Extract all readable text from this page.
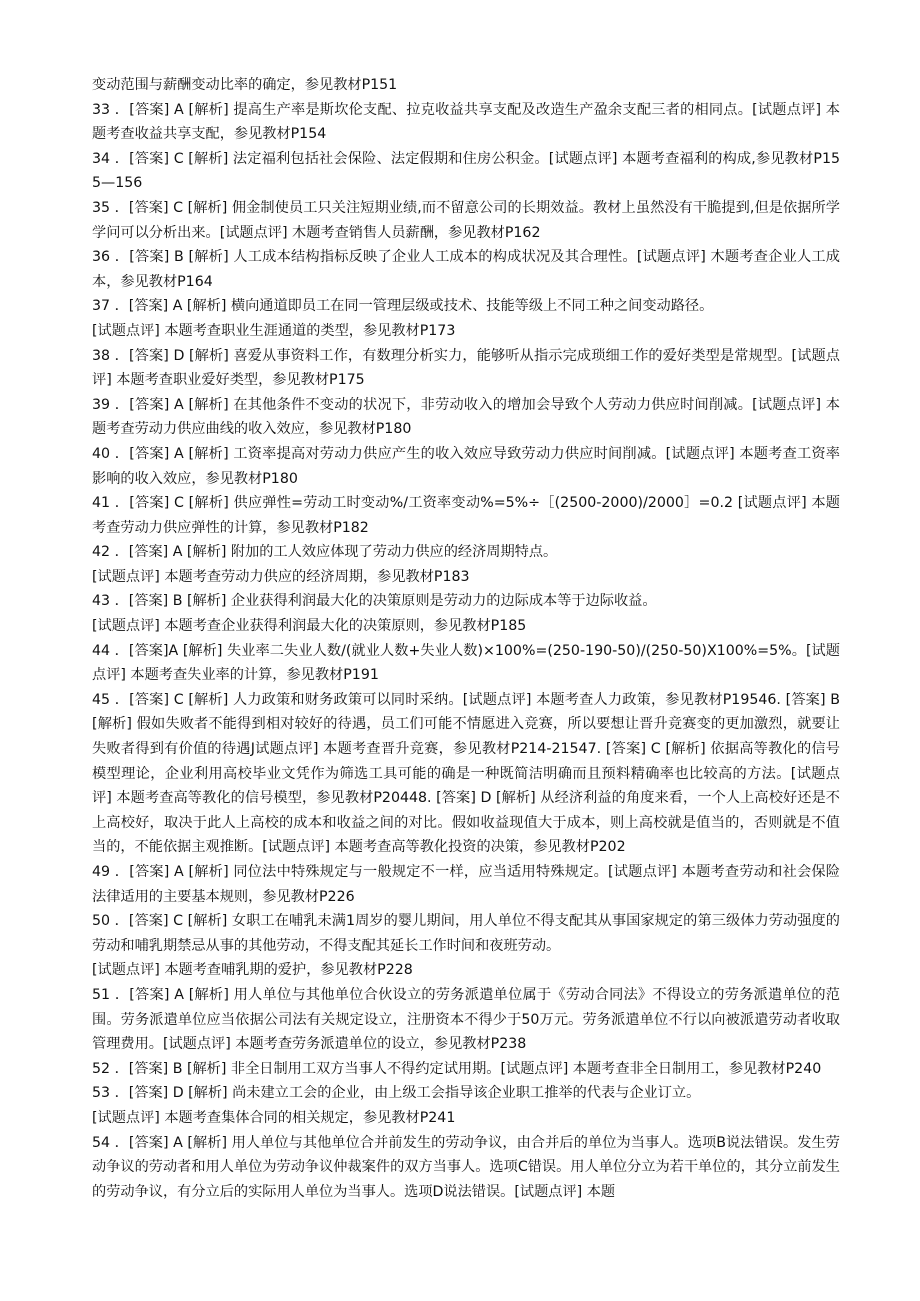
变动范围与薪酬变动比率的确定，参见教材P151

33 ．[答案] A [解析] 提高生产率是斯坎伦支配、拉克收益共享支配及改造生产盈余支配三者的相同点。[试题点评] 本题考查收益共享支配，参见教材P154

34 ．[答案] C [解析] 法定福利包括社会保险、法定假期和住房公积金。[试题点评] 本题考查福利的构成,参见教材P155—156

35 ．[答案] C [解析] 佣金制使员工只关注短期业绩,而不留意公司的长期效益。教材上虽然没有干脆提到,但是依据所学学问可以分析出来。[试题点评] 木题考查销售人员薪酬，参见教材P162

36 ．[答案] B [解析] 人工成本结构指标反映了企业人工成本的构成状况及其合理性。[试题点评] 木题考查企业人工成本，参见教材P164

37 ．[答案] A [解析] 横向通道即员工在同一管理层级或技术、技能等级上不同工种之间变动路径。

[试题点评] 本题考查职业生涯通道的类型，参见教材P173

38 ．[答案] D [解析] 喜爱从事资料工作，有数理分析实力，能够听从指示完成琐细工作的爱好类型是常规型。[试题点评] 本题考查职业爱好类型，参见教材P175

39 ．[答案] A [解析] 在其他条件不变动的状况下，非劳动收入的增加会导致个人劳动力供应时间削减。[试题点评] 本题考查劳动力供应曲线的收入效应，参见教材P180

40 ．[答案] A [解析] 工资率提高对劳动力供应产生的收入效应导致劳动力供应时间削减。[试题点评] 本题考查工资率影响的收入效应，参见教材P180

41 ．[答案] C [解析] 供应弹性=劳动工时变动%/工资率变动%=5%÷［(2500-2000)/2000］=0.2 [试题点评] 本题考查劳动力供应弹性的计算，参见教材P182

42 ．[答案] A [解析] 附加的工人效应体现了劳动力供应的经济周期特点。

[试题点评] 本题考查劳动力供应的经济周期，参见教材P183

43 ．[答案] B [解析] 企业获得利润最大化的决策原则是劳动力的边际成本等于边际收益。

[试题点评] 本题考查企业获得利润最大化的决策原则，参见教材P185

44 ．[答案]A [解析] 失业率二失业人数/(就业人数+失业人数)×100%=(250-190-50)/(250-50)X100%=5%。[试题点评] 本题考查失业率的计算，参见教材P191

45 ．[答案] C [解析] 人力政策和财务政策可以同时采纳。[试题点评] 本题考查人力政策，参见教材P19546. [答案] B [解析] 假如失败者不能得到相对较好的待遇，员工们可能不情愿进入竞赛，所以要想让晋升竞赛变的更加激烈，就要让失败者得到有价值的待遇J试题点评] 本题考查晋升竞赛，参见教材P214-21547. [答案] C [解析] 依据高等教化的信号模型理论，企业利用高校毕业文凭作为筛选工具可能的确是一种既简洁明确而且预料精确率也比较高的方法。[试题点评] 本题考查高等教化的信号模型，参见教材P20448. [答案] D [解析] 从经济利益的角度来看，一个人上高校好还是不上高校好，取决于此人上高校的成本和收益之间的对比。假如收益现值大于成本，则上高校就是值当的，否则就是不值当的，不能依据主观推断。[试题点评] 本题考查高等教化投资的决策，参见教材P202

49 ．[答案] A [解析] 同位法中特殊规定与一般规定不一样，应当适用特殊规定。[试题点评] 本题考查劳动和社会保险法律适用的主要基本规则，参见教材P226

50 ．[答案] C [解析] 女职工在哺乳未满1周岁的婴儿期间，用人单位不得支配其从事国家规定的第三级体力劳动强度的劳动和哺乳期禁忌从事的其他劳动，不得支配其延长工作时间和夜班劳动。

[试题点评] 本题考查哺乳期的爱护，参见教材P228

51 ．[答案] A [解析] 用人单位与其他单位合伙设立的劳务派遣单位属于《劳动合同法》不得设立的劳务派遣单位的范围。劳务派遣单位应当依据公司法有关规定设立，注册资本不得少于50万元。劳务派遣单位不行以向被派遣劳动者收取管理费用。[试题点评] 本题考查劳务派遣单位的设立，参见教材P238

52 ．[答案] B [解析] 非全日制用工双方当事人不得约定试用期。[试题点评] 本题考查非全日制用工，参见教材P240

53 ．[答案] D [解析] 尚未建立工会的企业，由上级工会指导该企业职工推举的代表与企业订立。

[试题点评] 本题考查集体合同的相关规定，参见教材P241

54 ．[答案] A [解析] 用人单位与其他单位合并前发生的劳动争议，由合并后的单位为当事人。选项B说法错误。发生劳动争议的劳动者和用人单位为劳动争议仲裁案件的双方当事人。选项C错误。用人单位分立为若干单位的，其分立前发生的劳动争议，有分立后的实际用人单位为当事人。选项D说法错误。[试题点评] 本题
